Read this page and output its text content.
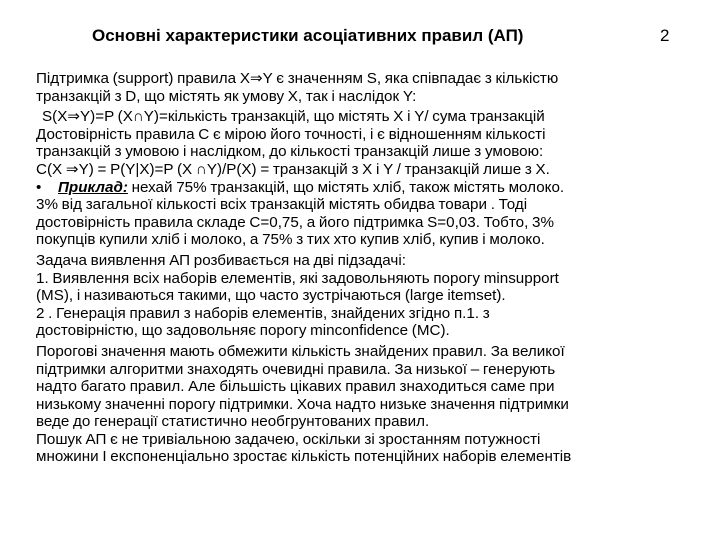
Основні характеристики асоціативних правил (АП)	2
Підтримка (support) правила X⇒Y є значенням S, яка співпадає з кількістю
транзакцій з D, що містять як умову X, так і наслідок Y:
S(X⇒Y)=P (X∩Y)=кількість транзакцій, що містять X і Y/ сума транзакцій
Достовірність правила C є мірою його точності, і є відношенням кількості
транзакцій з умовою і наслідком, до кількості транзакцій лише з умовою:
C(X ⇒Y) = P(Y|X)=P (X ∩Y)/P(X) = транзакцій з X і Y / транзакцій лише з X.
• Приклад: нехай 75% транзакцій, що містять хліб, також містять молоко.
3% від загальної кількості всіх транзакцій містять обидва товари . Тоді
достовірність правила складе C=0,75, а його підтримка S=0,03. Тобто, 3%
покупців купили хліб і молоко, а 75% з тих хто купив хліб, купив і молоко.
Задача виявлення АП розбивається на дві підзадачі:
1. Виявлення всіх наборів елементів, які задовольняють порогу minsupport
(MS), і називаються такими, що часто зустрічаються (large itemset).
2 . Генерація правил з наборів елементів, знайдених згідно п.1. з
достовірністю, що задовольняє порогу minconfidence (MC).
Порогові значення мають обмежити кількість знайдених правил. За великої
підтримки алгоритми знаходять очевидні правила. За низької – генерують
надто багато правил. Але більшість цікавих правил знаходиться саме при
низькому значенні порогу підтримки. Хоча надто низьке значення підтримки
веде до генерації статистично необгрунтованих правил.
Пошук АП є не тривіальною задачею, оскільки зі зростанням потужності
множини I експоненціально зростає кількість потенційних наборів елементів
